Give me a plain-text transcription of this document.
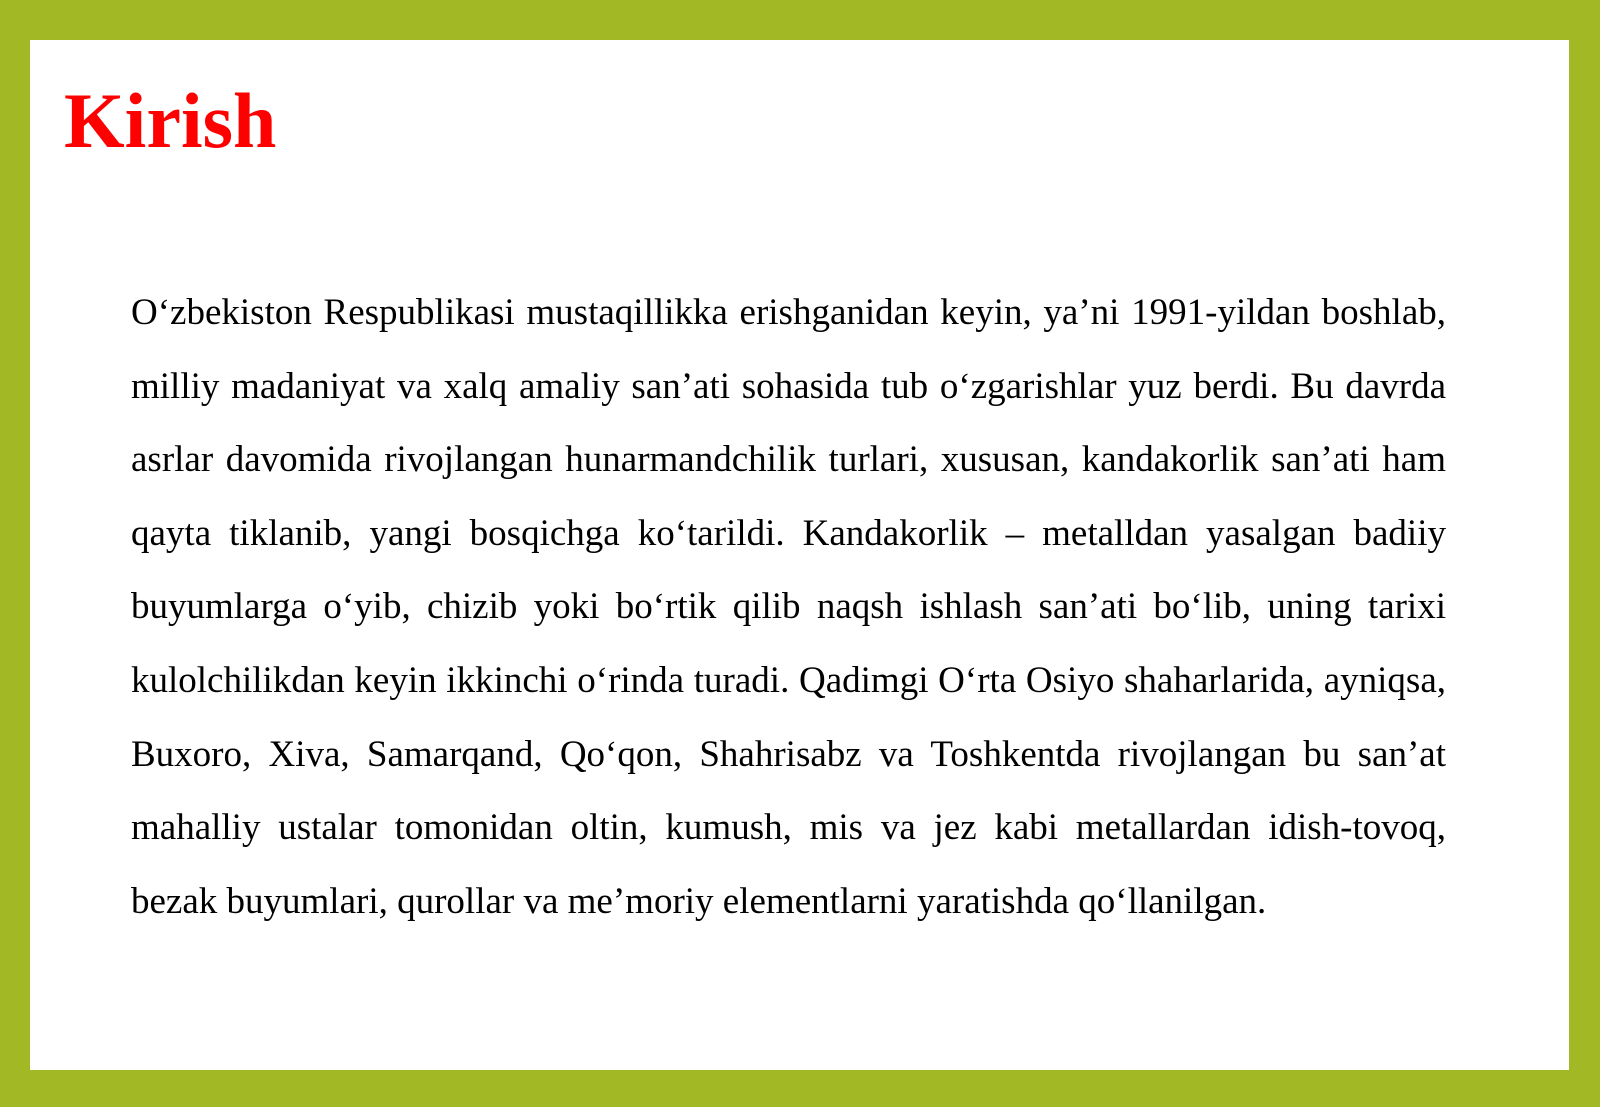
Kirish

O‘zbekiston Respublikasi mustaqillikka erishganidan keyin, ya’ni 1991-yildan boshlab, milliy madaniyat va xalq amaliy san’ati sohasida tub o‘zgarishlar yuz berdi. Bu davrda asrlar davomida rivojlangan hunarmandchilik turlari, xususan, kandakorlik san’ati ham qayta tiklanib, yangi bosqichga ko‘tarildi. Kandakorlik – metalldan yasalgan badiiy buyumlarga o‘yib, chizib yoki bo‘rtik qilib naqsh ishlash san’ati bo‘lib, uning tarixi kulolchilikdan keyin ikkinchi o‘rinda turadi. Qadimgi O‘rta Osiyo shaharlarida, ayniqsa, Buxoro, Xiva, Samarqand, Qo‘qon, Shahrisabz va Toshkentda rivojlangan bu san’at mahalliy ustalar tomonidan oltin, kumush, mis va jez kabi metallardan idish-tovoq, bezak buyumlari, qurollar va me’moriy elementlarni yaratishda qo‘llanilgan.
